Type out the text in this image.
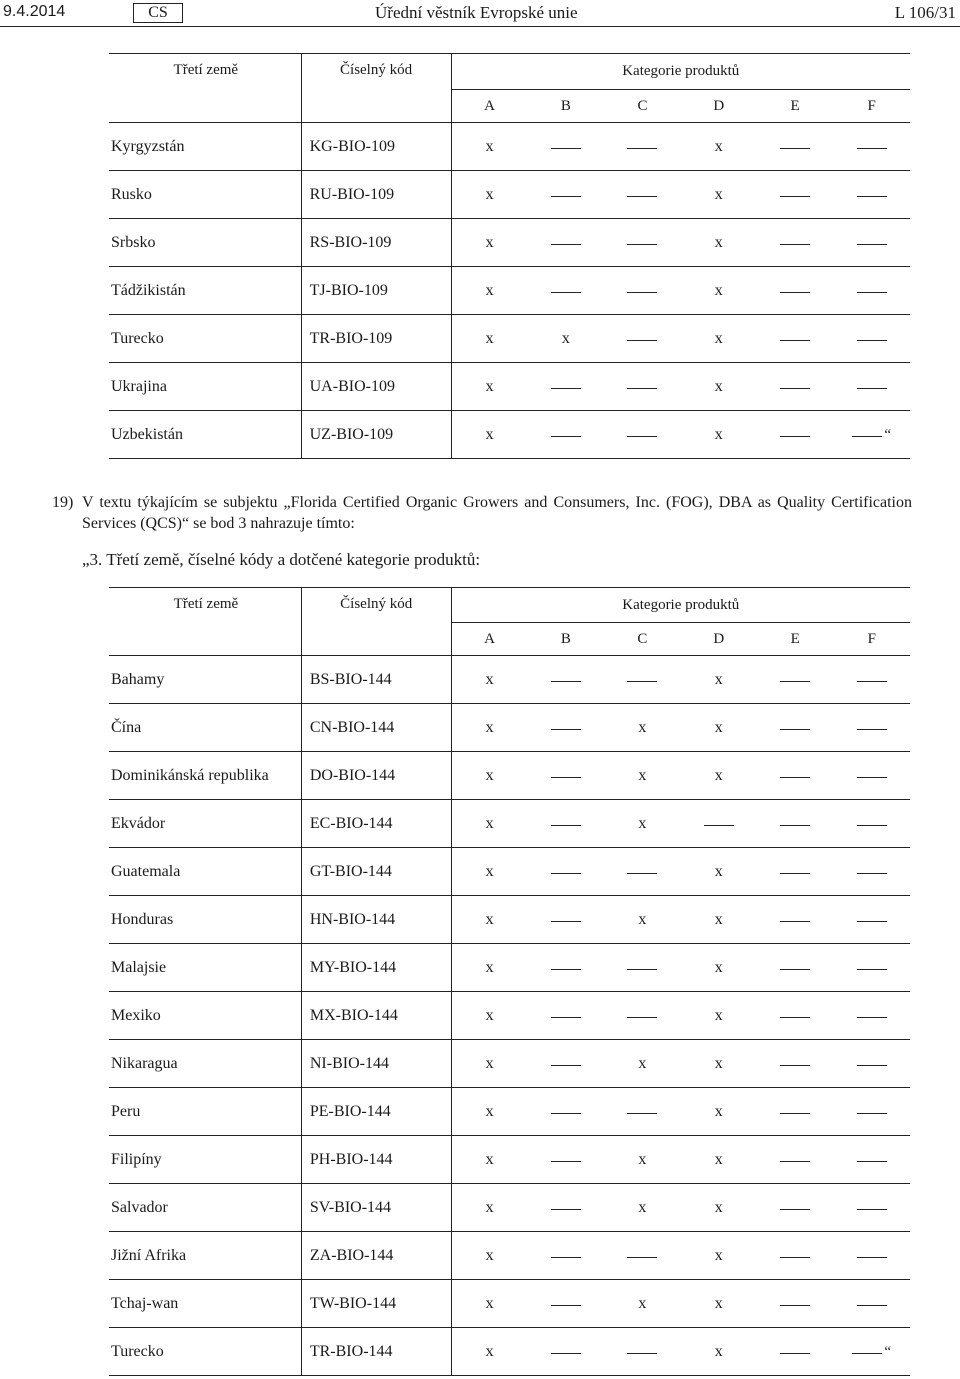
9.4.2014	CS	Úřední věstník Evropské unie	L 106/31
Třetí země	Číselný kód	Kategorie produktů					
		A	B	C	D	E	F
Kyrgyzstán	KG-BIO-109	x			x		
Rusko	RU-BIO-109	x			x		
Srbsko	RS-BIO-109	x			x		
Tádžikistán	TJ-BIO-109	x			x		
Turecko	TR-BIO-109	x	x		x		
Ukrajina	UA-BIO-109	x			x		
Uzbekistán	UZ-BIO-109	x			x		“
19) V textu týkajícím se subjektu „Florida Certified Organic Growers and Consumers, Inc. (FOG), DBA as Quality Certification Services (QCS)“ se bod 3 nahrazuje tímto:
„3. Třetí země, číselné kódy a dotčené kategorie produktů:
Třetí země	Číselný kód	Kategorie produktů					
		A	B	C	D	E	F
Bahamy	BS-BIO-144	x			x		
Čína	CN-BIO-144	x		x	x		
Dominikánská republika	DO-BIO-144	x		x	x		
Ekvádor	EC-BIO-144	x		x			
Guatemala	GT-BIO-144	x			x		
Honduras	HN-BIO-144	x		x	x		
Malajsie	MY-BIO-144	x			x		
Mexiko	MX-BIO-144	x			x		
Nikaragua	NI-BIO-144	x		x	x		
Peru	PE-BIO-144	x			x		
Filipíny	PH-BIO-144	x		x	x		
Salvador	SV-BIO-144	x		x	x		
Jižní Afrika	ZA-BIO-144	x			x		
Tchaj-wan	TW-BIO-144	x		x	x		
Turecko	TR-BIO-144	x			x		“
